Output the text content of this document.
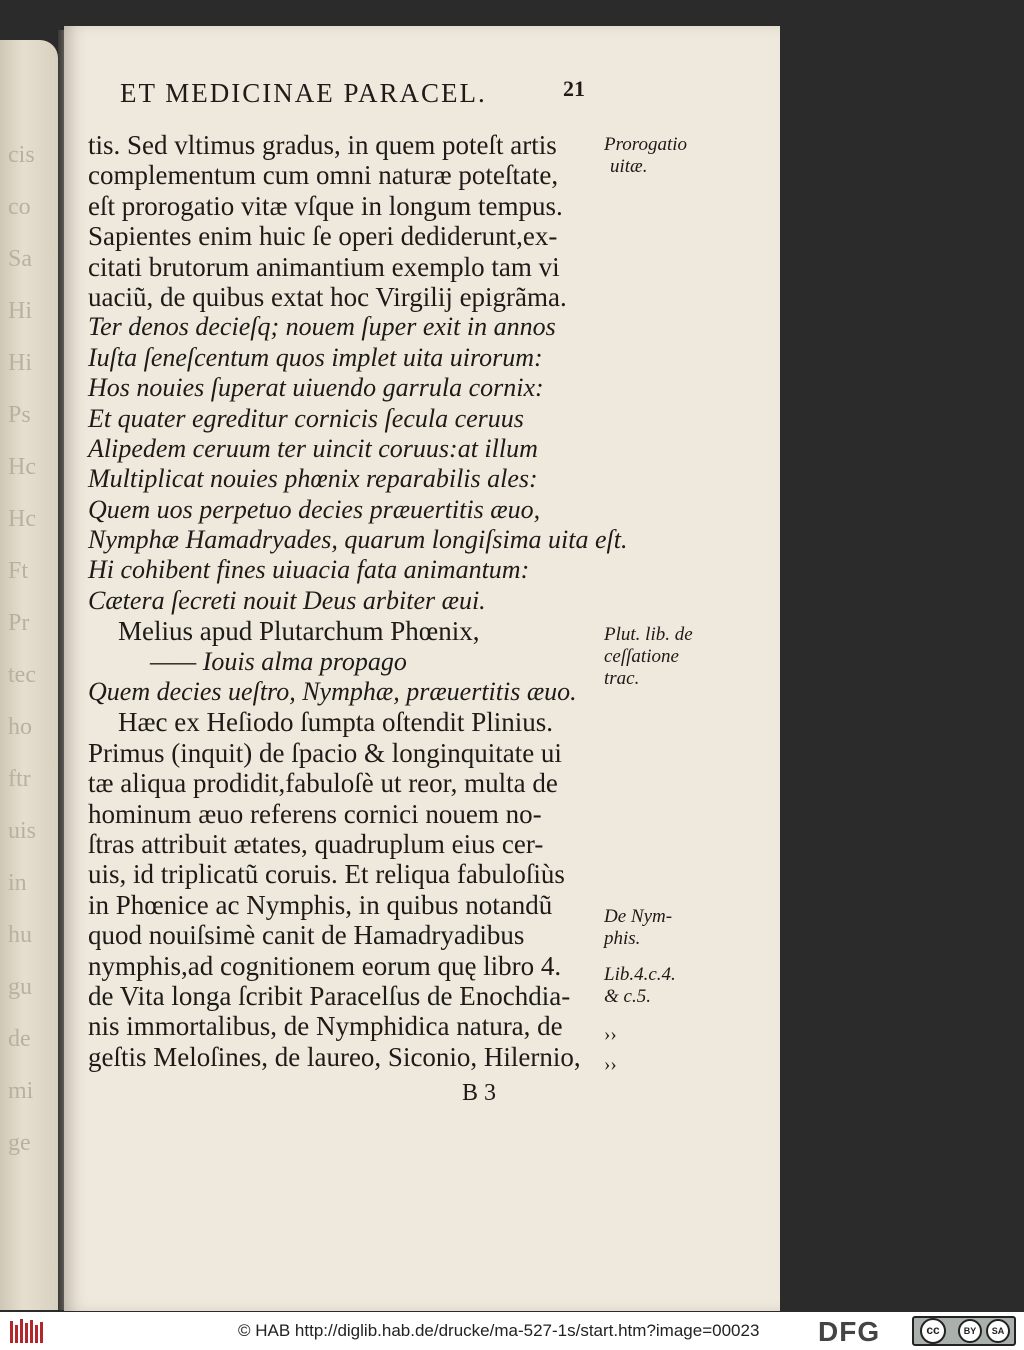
cis
co
Sa
Hi
Hi
Ps
Hc
Hc
Ft
Pr
tec
ho
ftr
uis
in
hu
gu
de
mi
ge
ET MEDICINAE PARACEL.	21
tis. Sed vltimus gradus, in quem poteſt artis
complementum cum omni naturæ poteſtate,
eſt prorogatio vitæ vſque in longum tempus.
Sapientes enim huic ſe operi dediderunt,ex-
citati brutorum animantium exemplo tam vi
uaciũ, de quibus extat hoc Virgilij epigrãma.
Ter denos decieſq; nouem ſuper exit in annos
Iuſta ſeneſcentum quos implet uita uirorum:
Hos nouies ſuperat uiuendo garrula cornix:
Et quater egreditur cornicis ſecula ceruus
Alipedem ceruum ter uincit coruus:at illum
Multiplicat nouies phœnix reparabilis ales:
Quem uos perpetuo decies præuertitis æuo,
Nymphæ Hamadryades, quarum longiſsima uita eſt.
Hi cohibent fines uiuacia fata animantum:
Cætera ſecreti nouit Deus arbiter æui.
Melius apud Plutarchum Phœnix,
—— Iouis alma propago
Quem decies ueſtro, Nymphæ, præuertitis æuo.
Hæc ex Heſiodo ſumpta oſtendit Plinius.
Primus (inquit) de ſpacio & longinquitate ui
tæ aliqua prodidit,fabuloſè ut reor, multa de
hominum æuo referens cornici nouem no-
ſtras attribuit ætates, quadruplum eius cer-
uis, id triplicatũ coruis. Et reliqua fabuloſiùs
in Phœnice ac Nymphis, in quibus notandũ
quod nouiſsimè canit de Hamadryadibus
nymphis,ad cognitionem eorum quę libro 4.
de Vita longa ſcribit Paracelſus de Enochdia-
nis immortalibus, de Nymphidica natura, de
geſtis Meloſines, de laureo, Siconio, Hilernio,
Prorogatio
uitæ.
Plut. lib. de
ceſſatione
trac.
De Nym-
phis.
Lib.4.c.4.
& c.5.
››
››
B 3
© HAB http://diglib.hab.de/drucke/ma-527-1s/start.htm?image=00023 DFG	cc	BY	SA
